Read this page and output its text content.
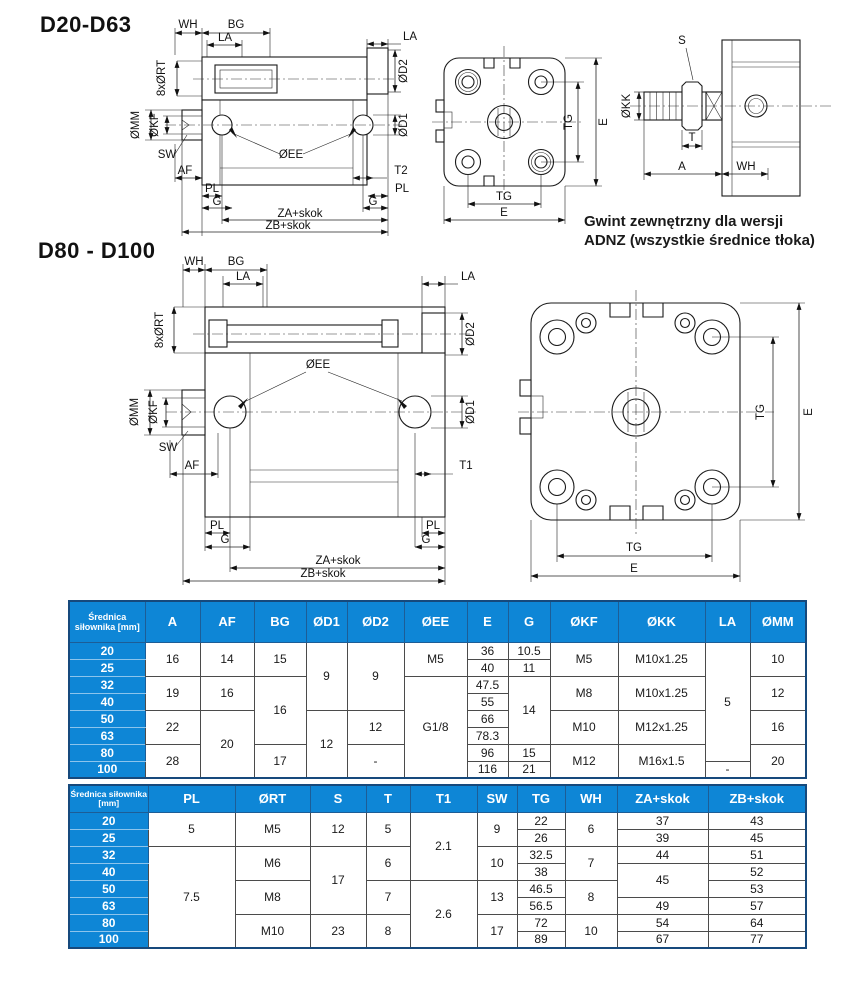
D20-D63
D80 - D100
WH	BG
LA	LA
8xØRT	ØD2
ØD1
ØMM ØKF
SW
AF
ØEE
T2
PL
G
PL
G
ZA+skok
ZB+skok
TG E
TG
E
S
ØKK
T
A	WH
Gwint zewnętrzny dla wersji
ADNZ (wszystkie średnice tłoka)
WH BG
LA	LA
8xØRT	ØD2
ØD1
ØMM ØKF
SW
AF
ØEE
T1
PL
G
PL
G
ZA+skok
ZB+skok
TG	E
TG
E
Średnica siłownika [mm]	A	AF	BG	ØD1	ØD2	ØEE	E	G	ØKF	ØKK	LA	ØMM
20	16	14	15	9	9	M5	36	10.5	M5	M10x1.25	5	10
25							40	11				
32	19	16	16			G1/8	47.5	14	M8	M10x1.25		12
40							55					
50	22	20		12	12		66		M10	M12x1.25		16
63							78.3					
80	28		17		-		96	15	M12	M16x1.5		20
100							116	21			-	
Średnica siłownika [mm]	PL	ØRT	S	T	T1	SW	TG	WH	ZA+skok	ZB+skok
20	5	M5	12	5	2.1	9	22	6	37	43
25							26		39	45
32	7.5	M6	17	6		10	32.5	7	44	51
40							38		45	52
50		M8		7	2.6	13	46.5	8		53
63							56.5		49	57
80		M10	23	8		17	72	10	54	64
100							89		67	77
